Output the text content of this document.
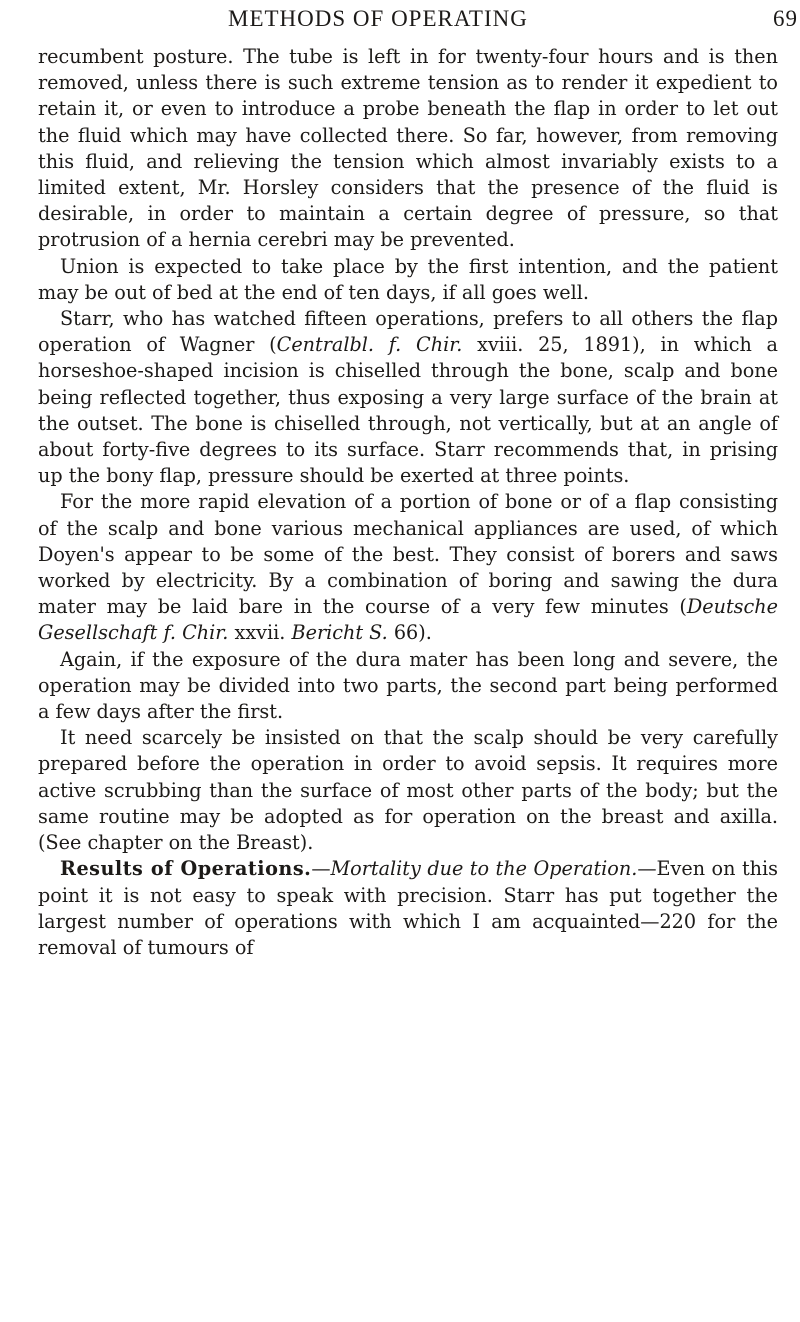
METHODS OF OPERATING	69

recumbent posture. The tube is left in for twenty-four hours and is then removed, unless there is such extreme tension as to render it expedient to retain it, or even to introduce a probe beneath the flap in order to let out the fluid which may have collected there. So far, however, from removing this fluid, and relieving the tension which almost invariably exists to a limited extent, Mr. Horsley considers that the presence of the fluid is desirable, in order to maintain a certain degree of pressure, so that protrusion of a hernia cerebri may be prevented.

Union is expected to take place by the first intention, and the patient may be out of bed at the end of ten days, if all goes well.

Starr, who has watched fifteen operations, prefers to all others the flap operation of Wagner (Centralbl. f. Chir. xviii. 25, 1891), in which a horseshoe-shaped incision is chiselled through the bone, scalp and bone being reflected together, thus exposing a very large surface of the brain at the outset. The bone is chiselled through, not vertically, but at an angle of about forty-five degrees to its surface. Starr recommends that, in prising up the bony flap, pressure should be exerted at three points.

For the more rapid elevation of a portion of bone or of a flap consisting of the scalp and bone various mechanical appliances are used, of which Doyen's appear to be some of the best. They consist of borers and saws worked by electricity. By a combination of boring and sawing the dura mater may be laid bare in the course of a very few minutes (Deutsche Gesellschaft f. Chir. xxvii. Bericht S. 66).

Again, if the exposure of the dura mater has been long and severe, the operation may be divided into two parts, the second part being performed a few days after the first.

It need scarcely be insisted on that the scalp should be very carefully prepared before the operation in order to avoid sepsis. It requires more active scrubbing than the surface of most other parts of the body; but the same routine may be adopted as for operation on the breast and axilla. (See chapter on the Breast).

Results of Operations.—Mortality due to the Operation.—Even on this point it is not easy to speak with precision. Starr has put together the largest number of operations with which I am acquainted—220 for the removal of tumours of
